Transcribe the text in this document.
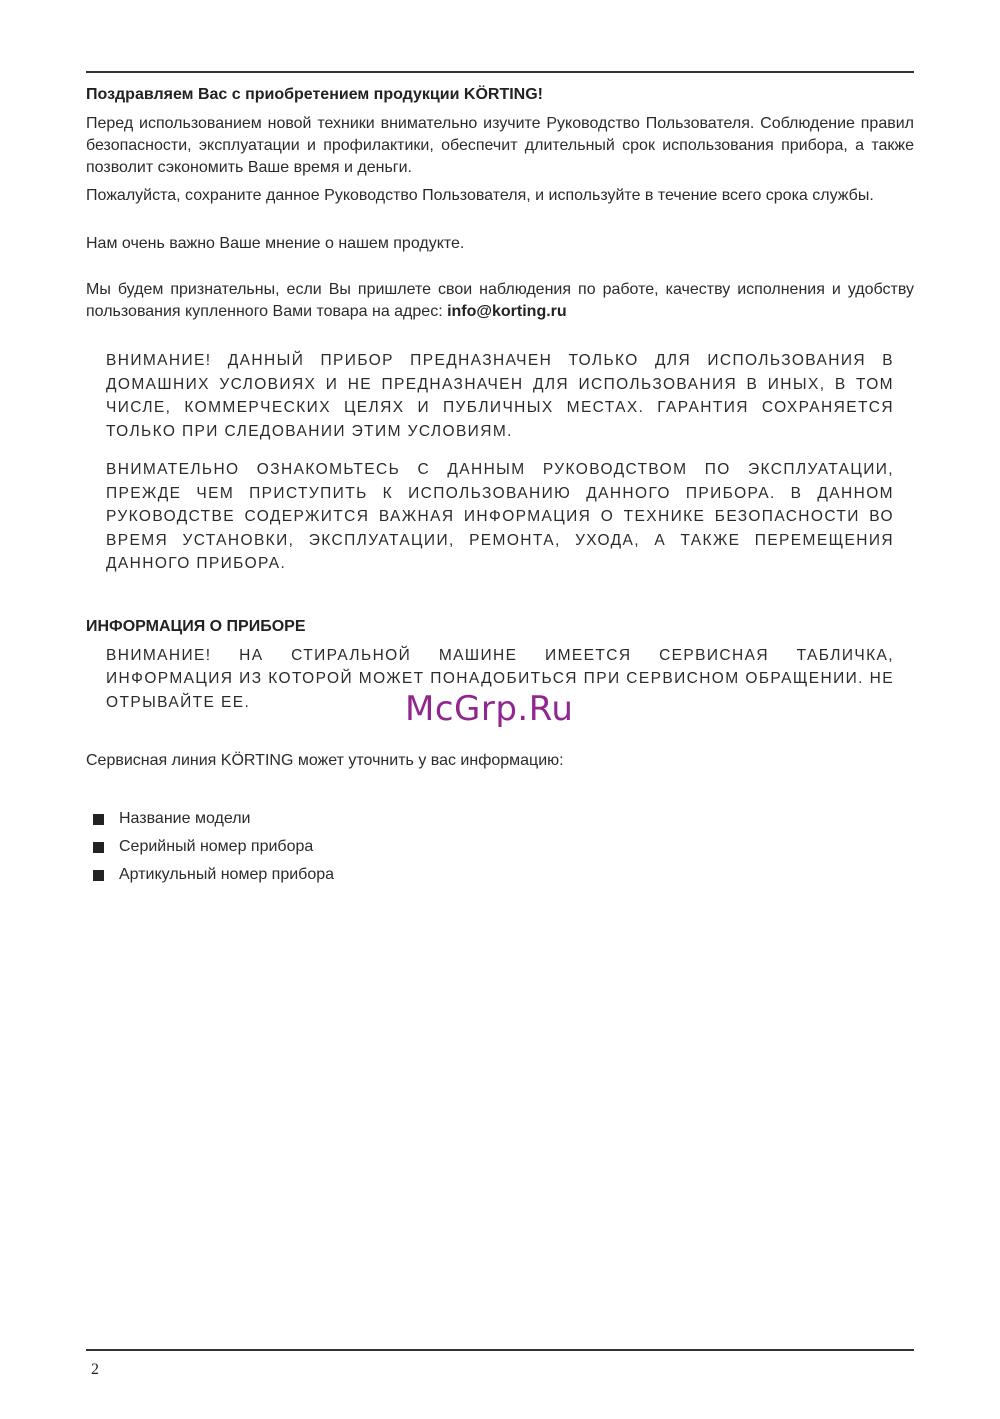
Поздравляем Вас с приобретением продукции KÖRTING!

Перед использованием новой техники внимательно изучите Руководство Пользователя. Соблюдение правил безопасности, эксплуатации и профилактики, обеспечит длительный срок использования прибора, а также позволит сэкономить Ваше время и деньги.

Пожалуйста, сохраните данное Руководство Пользователя, и используйте в течение всего срока службы.

Нам очень важно Ваше мнение о нашем продукте.

Мы будем признательны, если Вы пришлете свои наблюдения по работе, качеству исполнения и удобству пользования купленного Вами товара на адрес: info@korting.ru

ВНИМАНИЕ! ДАННЫЙ ПРИБОР ПРЕДНАЗНАЧЕН ТОЛЬКО ДЛЯ ИСПОЛЬЗОВАНИЯ В ДОМАШНИХ УСЛОВИЯХ И НЕ ПРЕДНАЗНАЧЕН ДЛЯ ИСПОЛЬЗОВАНИЯ В ИНЫХ, В ТОМ ЧИСЛЕ, КОММЕРЧЕСКИХ ЦЕЛЯХ И ПУБЛИЧНЫХ МЕСТАХ. ГАРАНТИЯ СОХРАНЯЕТСЯ ТОЛЬКО ПРИ СЛЕДОВАНИИ ЭТИМ УСЛОВИЯМ.

ВНИМАТЕЛЬНО ОЗНАКОМЬТЕСЬ С ДАННЫМ РУКОВОДСТВОМ ПО ЭКСПЛУАТАЦИИ, ПРЕЖДЕ ЧЕМ ПРИСТУПИТЬ К ИСПОЛЬЗОВАНИЮ ДАННОГО ПРИБОРА. В ДАННОМ РУКОВОДСТВЕ СОДЕРЖИТСЯ ВАЖНАЯ ИНФОРМАЦИЯ О ТЕХНИКЕ БЕЗОПАСНОСТИ ВО ВРЕМЯ УСТАНОВКИ, ЭКСПЛУАТАЦИИ, РЕМОНТА, УХОДА, А ТАКЖЕ ПЕРЕМЕЩЕНИЯ ДАННОГО ПРИБОРА.

ИНФОРМАЦИЯ О ПРИБОРЕ

ВНИМАНИЕ! НА СТИРАЛЬНОЙ МАШИНЕ ИМЕЕТСЯ СЕРВИСНАЯ ТАБЛИЧКА, ИНФОРМАЦИЯ ИЗ КОТОРОЙ МОЖЕТ ПОНАДОБИТЬСЯ ПРИ СЕРВИСНОМ ОБРАЩЕНИИ. НЕ ОТРЫВАЙТЕ ЕЕ.

Сервисная линия KÖRTING может уточнить у вас информацию:

Название модели
Серийный номер прибора
Артикульный номер прибора
McGrp.Ru
2
